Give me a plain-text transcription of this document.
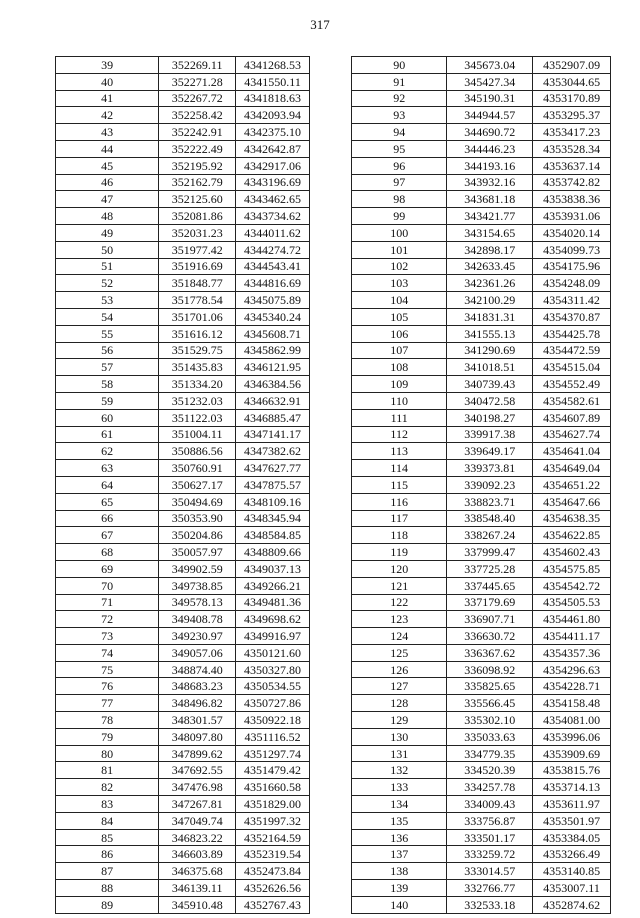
317
39	352269.11	4341268.53
40	352271.28	4341550.11
41	352267.72	4341818.63
42	352258.42	4342093.94
43	352242.91	4342375.10
44	352222.49	4342642.87
45	352195.92	4342917.06
46	352162.79	4343196.69
47	352125.60	4343462.65
48	352081.86	4343734.62
49	352031.23	4344011.62
50	351977.42	4344274.72
51	351916.69	4344543.41
52	351848.77	4344816.69
53	351778.54	4345075.89
54	351701.06	4345340.24
55	351616.12	4345608.71
56	351529.75	4345862.99
57	351435.83	4346121.95
58	351334.20	4346384.56
59	351232.03	4346632.91
60	351122.03	4346885.47
61	351004.11	4347141.17
62	350886.56	4347382.62
63	350760.91	4347627.77
64	350627.17	4347875.57
65	350494.69	4348109.16
66	350353.90	4348345.94
67	350204.86	4348584.85
68	350057.97	4348809.66
69	349902.59	4349037.13
70	349738.85	4349266.21
71	349578.13	4349481.36
72	349408.78	4349698.62
73	349230.97	4349916.97
74	349057.06	4350121.60
75	348874.40	4350327.80
76	348683.23	4350534.55
77	348496.82	4350727.86
78	348301.57	4350922.18
79	348097.80	4351116.52
80	347899.62	4351297.74
81	347692.55	4351479.42
82	347476.98	4351660.58
83	347267.81	4351829.00
84	347049.74	4351997.32
85	346823.22	4352164.59
86	346603.89	4352319.54
87	346375.68	4352473.84
88	346139.11	4352626.56
89	345910.48	4352767.43
90	345673.04	4352907.09
91	345427.34	4353044.65
92	345190.31	4353170.89
93	344944.57	4353295.37
94	344690.72	4353417.23
95	344446.23	4353528.34
96	344193.16	4353637.14
97	343932.16	4353742.82
98	343681.18	4353838.36
99	343421.77	4353931.06
100	343154.65	4354020.14
101	342898.17	4354099.73
102	342633.45	4354175.96
103	342361.26	4354248.09
104	342100.29	4354311.42
105	341831.31	4354370.87
106	341555.13	4354425.78
107	341290.69	4354472.59
108	341018.51	4354515.04
109	340739.43	4354552.49
110	340472.58	4354582.61
111	340198.27	4354607.89
112	339917.38	4354627.74
113	339649.17	4354641.04
114	339373.81	4354649.04
115	339092.23	4354651.22
116	338823.71	4354647.66
117	338548.40	4354638.35
118	338267.24	4354622.85
119	337999.47	4354602.43
120	337725.28	4354575.85
121	337445.65	4354542.72
122	337179.69	4354505.53
123	336907.71	4354461.80
124	336630.72	4354411.17
125	336367.62	4354357.36
126	336098.92	4354296.63
127	335825.65	4354228.71
128	335566.45	4354158.48
129	335302.10	4354081.00
130	335033.63	4353996.06
131	334779.35	4353909.69
132	334520.39	4353815.76
133	334257.78	4353714.13
134	334009.43	4353611.97
135	333756.87	4353501.97
136	333501.17	4353384.05
137	333259.72	4353266.49
138	333014.57	4353140.85
139	332766.77	4353007.11
140	332533.18	4352874.62
